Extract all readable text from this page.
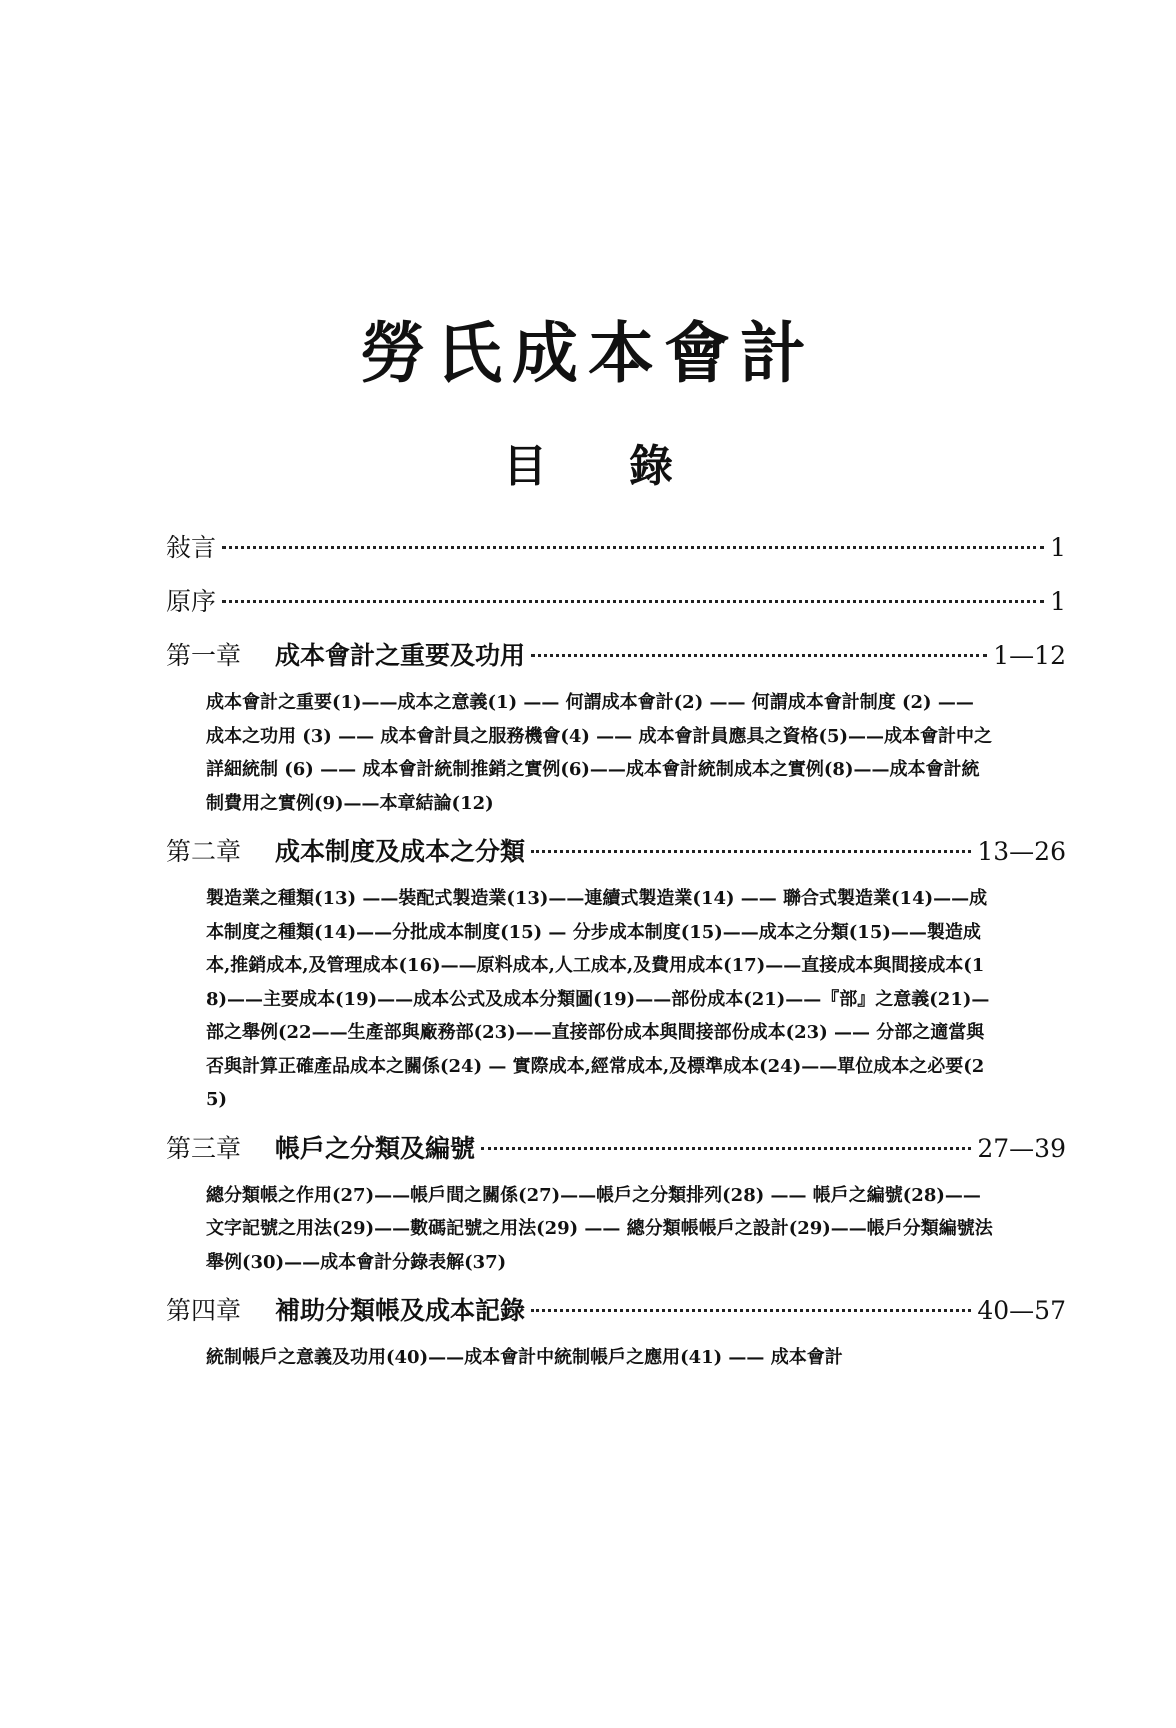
勞氏成本會計
目錄
敍言	1
原序	1
第一章 成本會計之重要及功用	1—12
成本會計之重要(1)——成本之意義(1) —— 何謂成本會計(2) —— 何謂成本會計制度 (2) —— 成本之功用 (3) —— 成本會計員之服務機會(4) —— 成本會計員應具之資格(5)——成本會計中之詳細統制 (6) —— 成本會計統制推銷之實例(6)——成本會計統制成本之實例(8)——成本會計統制費用之實例(9)——本章結論(12)
第二章 成本制度及成本之分類	13—26
製造業之種類(13) ——裝配式製造業(13)——連續式製造業(14) —— 聯合式製造業(14)——成本制度之種類(14)——分批成本制度(15) — 分步成本制度(15)——成本之分類(15)——製造成本,推銷成本,及管理成本(16)——原料成本,人工成本,及費用成本(17)——直接成本與間接成本(18)——主要成本(19)——成本公式及成本分類圖(19)——部份成本(21)——『部』之意義(21)—部之舉例(22——生產部與廠務部(23)——直接部份成本與間接部份成本(23) —— 分部之適當與否與計算正確產品成本之關係(24) — 實際成本,經常成本,及標準成本(24)——單位成本之必要(25)
第三章 帳戶之分類及編號	27—39
總分類帳之作用(27)——帳戶間之關係(27)——帳戶之分類排列(28) —— 帳戶之編號(28)——文字記號之用法(29)——數碼記號之用法(29) —— 總分類帳帳戶之設計(29)——帳戶分類編號法舉例(30)——成本會計分錄表解(37)
第四章 補助分類帳及成本記錄	40—57
統制帳戶之意義及功用(40)——成本會計中統制帳戶之應用(41) —— 成本會計
